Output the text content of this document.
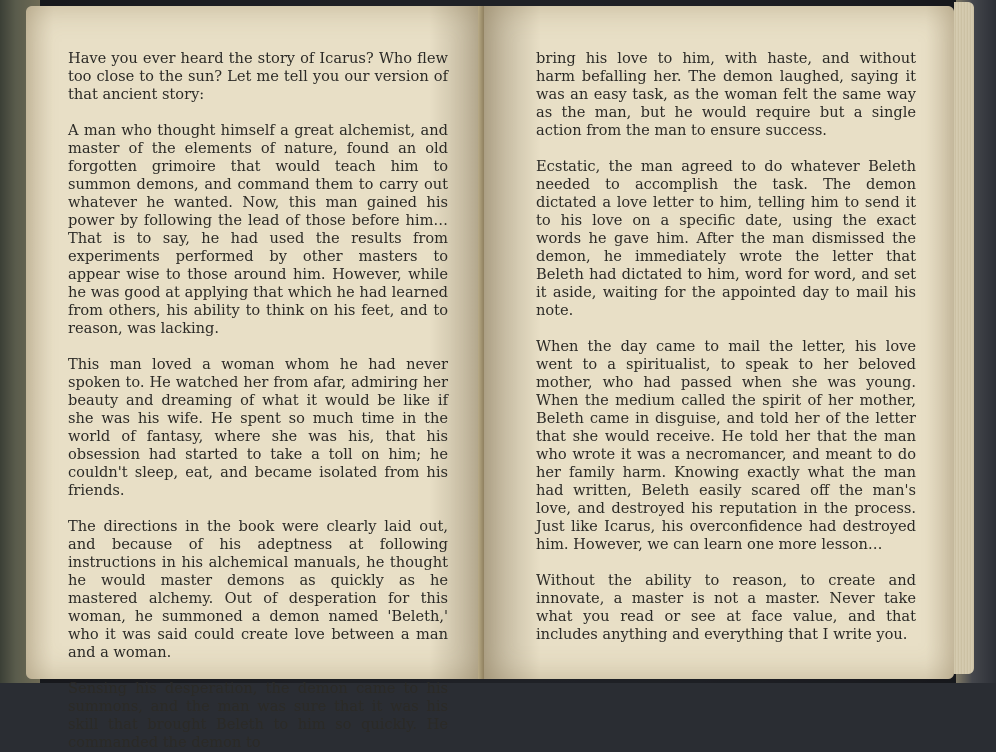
Have you ever heard the story of Icarus? Who flew too close to the sun? Let me tell you our version of that ancient story:

A man who thought himself a great alchemist, and master of the elements of nature, found an old forgotten grimoire that would teach him to summon demons, and command them to carry out whatever he wanted. Now, this man gained his power by following the lead of those before him… That is to say, he had used the results from experiments performed by other masters to appear wise to those around him. However, while he was good at applying that which he had learned from others, his ability to think on his feet, and to reason, was lacking.

This man loved a woman whom he had never spoken to. He watched her from afar, admiring her beauty and dreaming of what it would be like if she was his wife. He spent so much time in the world of fantasy, where she was his, that his obsession had started to take a toll on him; he couldn't sleep, eat, and became isolated from his friends.

The directions in the book were clearly laid out, and because of his adeptness at following instructions in his alchemical manuals, he thought he would master demons as quickly as he mastered alchemy. Out of desperation for this woman, he summoned a demon named 'Beleth,' who it was said could create love between a man and a woman.

Sensing his desperation, the demon came to his summons, and the man was sure that it was his skill that brought Beleth to him so quickly. He commanded the demon to

bring his love to him, with haste, and without harm befalling her. The demon laughed, saying it was an easy task, as the woman felt the same way as the man, but he would require but a single action from the man to ensure success.

Ecstatic, the man agreed to do whatever Beleth needed to accomplish the task. The demon dictated a love letter to him, telling him to send it to his love on a specific date, using the exact words he gave him. After the man dismissed the demon, he immediately wrote the letter that Beleth had dictated to him, word for word, and set it aside, waiting for the appointed day to mail his note.

When the day came to mail the letter, his love went to a spiritualist, to speak to her beloved mother, who had passed when she was young. When the medium called the spirit of her mother, Beleth came in disguise, and told her of the letter that she would receive. He told her that the man who wrote it was a necromancer, and meant to do her family harm. Knowing exactly what the man had written, Beleth easily scared off the man's love, and destroyed his reputation in the process. Just like Icarus, his overconfidence had destroyed him. However, we can learn one more lesson…

Without the ability to reason, to create and innovate, a master is not a master. Never take what you read or see at face value, and that includes anything and everything that I write you.
